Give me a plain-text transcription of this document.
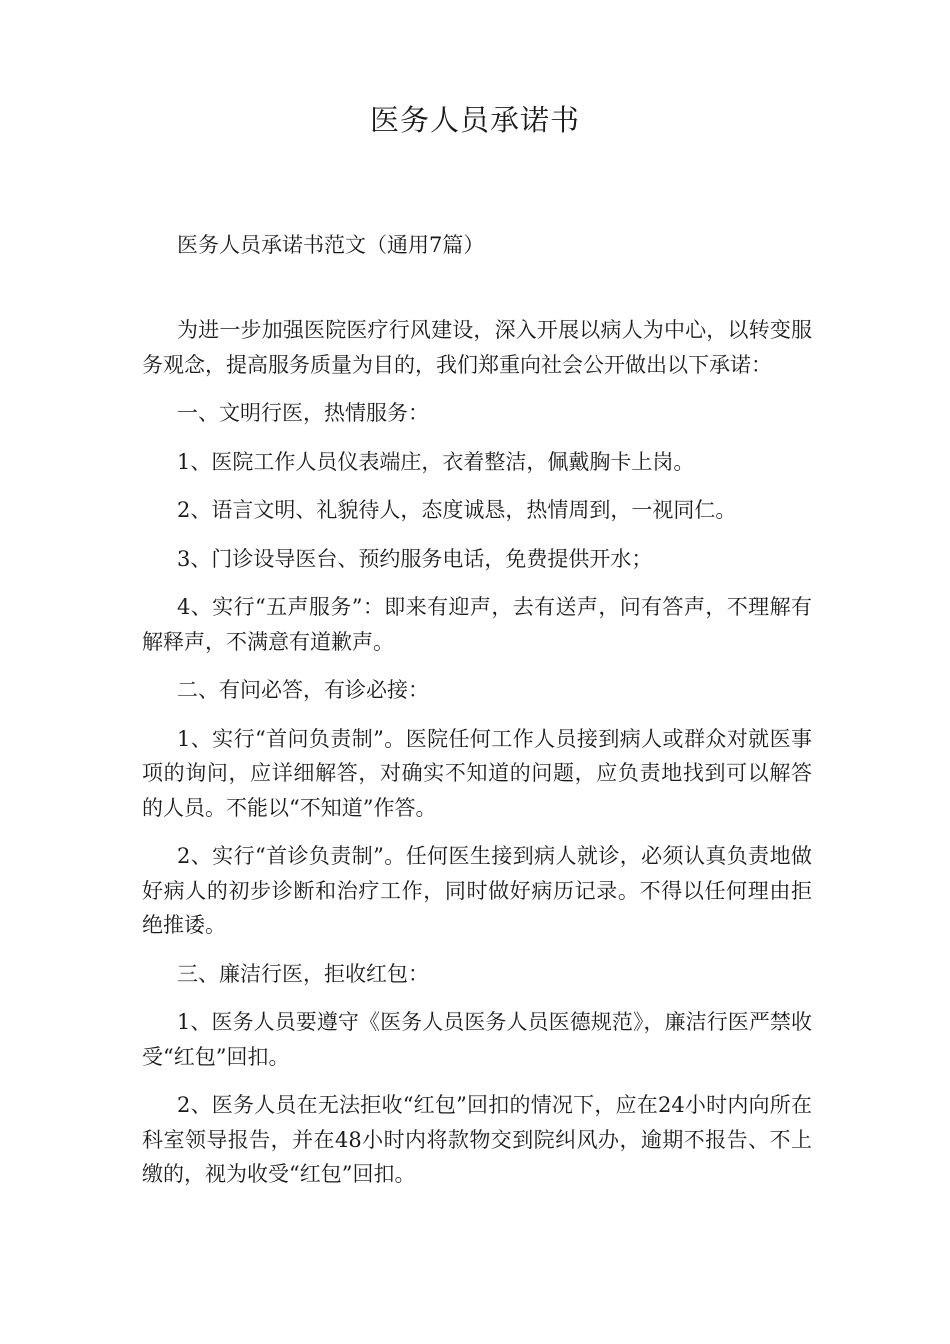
医务人员承诺书
医务人员承诺书范文（通用7篇）

为进一步加强医院医疗行风建设，深入开展以病人为中心，以转变服务观念，提高服务质量为目的，我们郑重向社会公开做出以下承诺：

一、文明行医，热情服务：

1、医院工作人员仪表端庄，衣着整洁，佩戴胸卡上岗。

2、语言文明、礼貌待人，态度诚恳，热情周到，一视同仁。

3、门诊设导医台、预约服务电话，免费提供开水；

4、实行“五声服务”：即来有迎声，去有送声，问有答声，不理解有解释声，不满意有道歉声。

二、有问必答，有诊必接：

1、实行“首问负责制”。医院任何工作人员接到病人或群众对就医事项的询问，应详细解答，对确实不知道的问题，应负责地找到可以解答的人员。不能以“不知道”作答。

2、实行“首诊负责制”。任何医生接到病人就诊，必须认真负责地做好病人的初步诊断和治疗工作，同时做好病历记录。不得以任何理由拒绝推诿。

三、廉洁行医，拒收红包：

1、医务人员要遵守《医务人员医务人员医德规范》，廉洁行医严禁收受“红包”回扣。

2、医务人员在无法拒收“红包”回扣的情况下，应在24小时内向所在科室领导报告，并在48小时内将款物交到院纠风办，逾期不报告、不上缴的，视为收受“红包”回扣。
